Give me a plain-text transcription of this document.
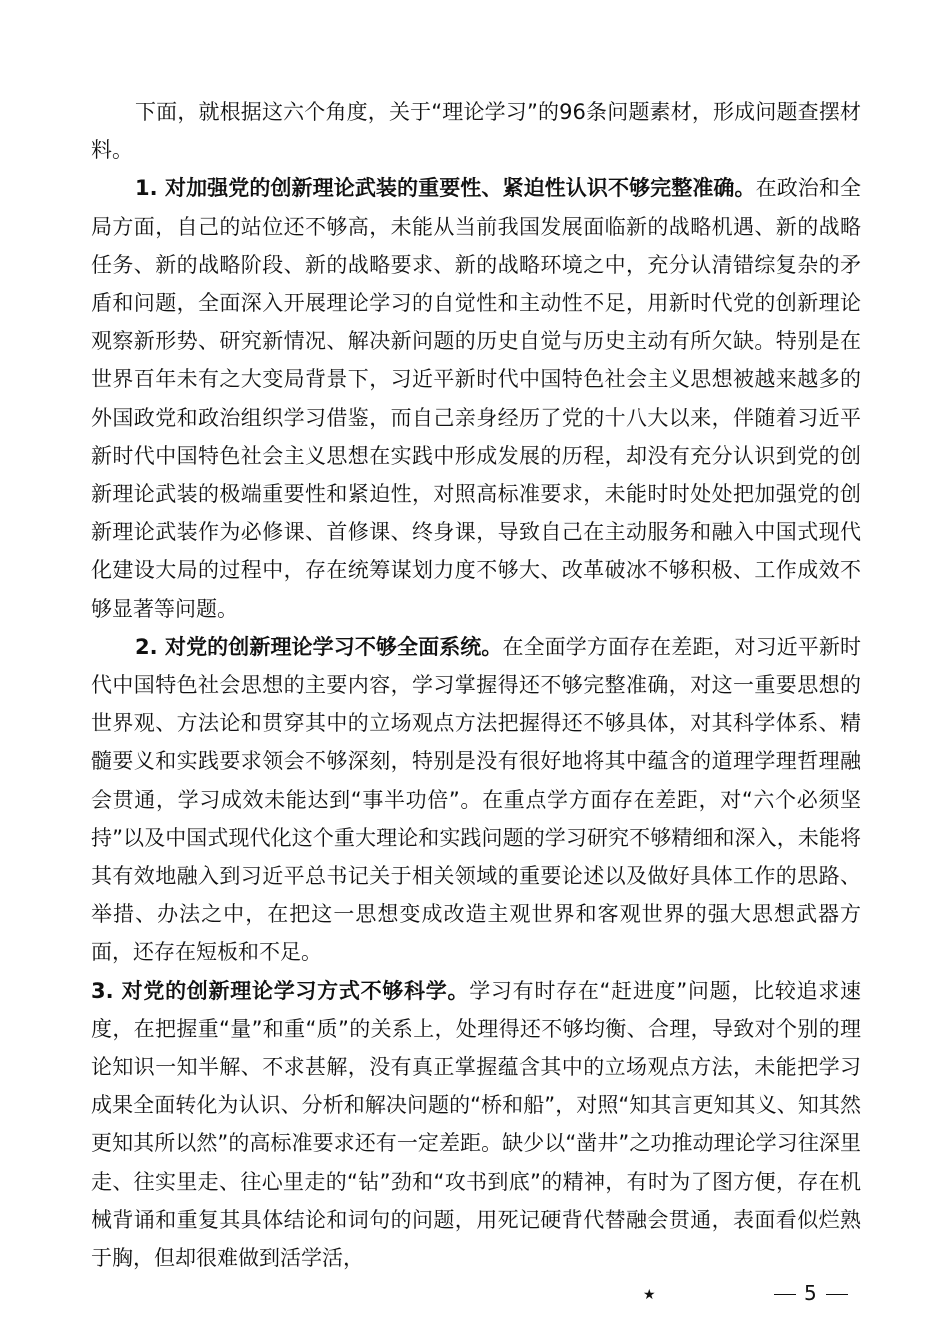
下面，就根据这六个角度，关于“理论学习”的96条问题素材，形成问题查摆材料。

1. 对加强党的创新理论武装的重要性、紧迫性认识不够完整准确。在政治和全局方面，自己的站位还不够高，未能从当前我国发展面临新的战略机遇、新的战略任务、新的战略阶段、新的战略要求、新的战略环境之中，充分认清错综复杂的矛盾和问题，全面深入开展理论学习的自觉性和主动性不足，用新时代党的创新理论观察新形势、研究新情况、解决新问题的历史自觉与历史主动有所欠缺。特别是在世界百年未有之大变局背景下，习近平新时代中国特色社会主义思想被越来越多的外国政党和政治组织学习借鉴，而自己亲身经历了党的十八大以来，伴随着习近平新时代中国特色社会主义思想在实践中形成发展的历程，却没有充分认识到党的创新理论武装的极端重要性和紧迫性，对照高标准要求，未能时时处处把加强党的创新理论武装作为必修课、首修课、终身课，导致自己在主动服务和融入中国式现代化建设大局的过程中，存在统筹谋划力度不够大、改革破冰不够积极、工作成效不够显著等问题。

2. 对党的创新理论学习不够全面系统。在全面学方面存在差距，对习近平新时代中国特色社会思想的主要内容，学习掌握得还不够完整准确，对这一重要思想的世界观、方法论和贯穿其中的立场观点方法把握得还不够具体，对其科学体系、精髓要义和实践要求领会不够深刻，特别是没有很好地将其中蕴含的道理学理哲理融会贯通，学习成效未能达到“事半功倍”。在重点学方面存在差距，对“六个必须坚持”以及中国式现代化这个重大理论和实践问题的学习研究不够精细和深入，未能将其有效地融入到习近平总书记关于相关领域的重要论述以及做好具体工作的思路、举措、办法之中，在把这一思想变成改造主观世界和客观世界的强大思想武器方面，还存在短板和不足。

3. 对党的创新理论学习方式不够科学。学习有时存在“赶进度”问题，比较追求速度，在把握重“量”和重“质”的关系上，处理得还不够均衡、合理，导致对个别的理论知识一知半解、不求甚解，没有真正掌握蕴含其中的立场观点方法，未能把学习成果全面转化为认识、分析和解决问题的“桥和船”，对照“知其言更知其义、知其然更知其所以然”的高标准要求还有一定差距。缺少以“凿井”之功推动理论学习往深里走、往实里走、往心里走的“钻”劲和“攻书到底”的精神，有时为了图方便，存在机械背诵和重复其具体结论和词句的问题，用死记硬背代替融会贯通，表面看似烂熟于胸，但却很难做到活学活，

★	5
